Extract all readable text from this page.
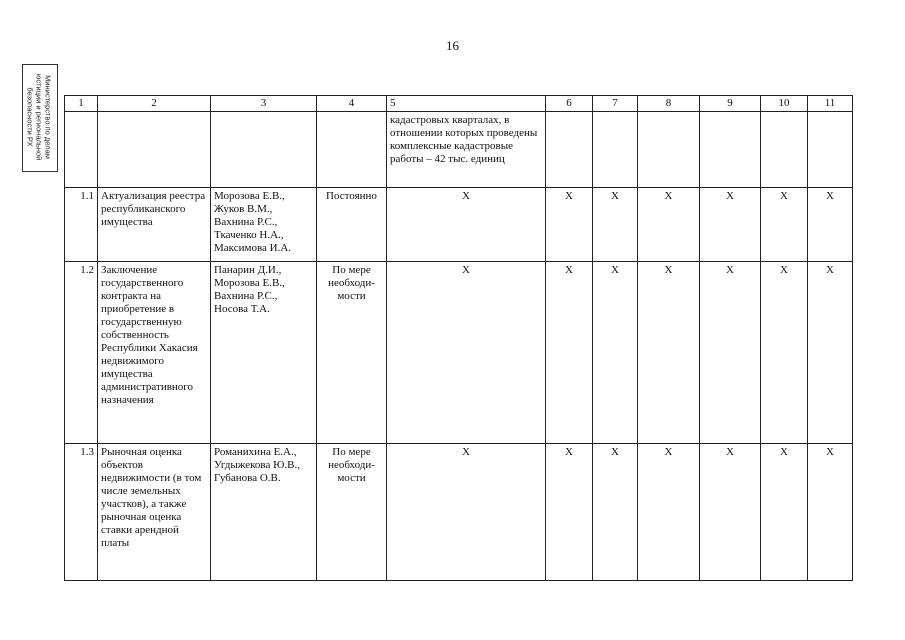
16
Министерство по делам
юстиции и региональной
безопасности РХ	1	2	3	4	5	6	7	8	9	10	11
				кадастровых кварталах, в отношении которых проведены комплексные кадастровые работы – 42 тыс. единиц						
1.1	Актуализация реестра республиканского имущества	Морозова Е.В., Жуков В.М., Вахнина Р.С., Ткаченко Н.А., Максимова И.А.	Постоянно	Х	Х	Х	Х	Х	Х	Х
1.2	Заключение государственного контракта на приобретение в государственную собственность Республики Хакасия недвижимого имущества административного назначения	Панарин Д.И., Морозова Е.В., Вахнина Р.С., Носова Т.А.	По мере необходи-мости	Х	Х	Х	Х	Х	Х	Х
1.3	Рыночная оценка объектов недвижимости (в том числе земельных участков), а также рыночная оценка ставки арендной платы	Романихина Е.А., Угдыжекова Ю.В., Губанова О.В.	По мере необходи-мости	Х	Х	Х	Х	Х	Х	Х
